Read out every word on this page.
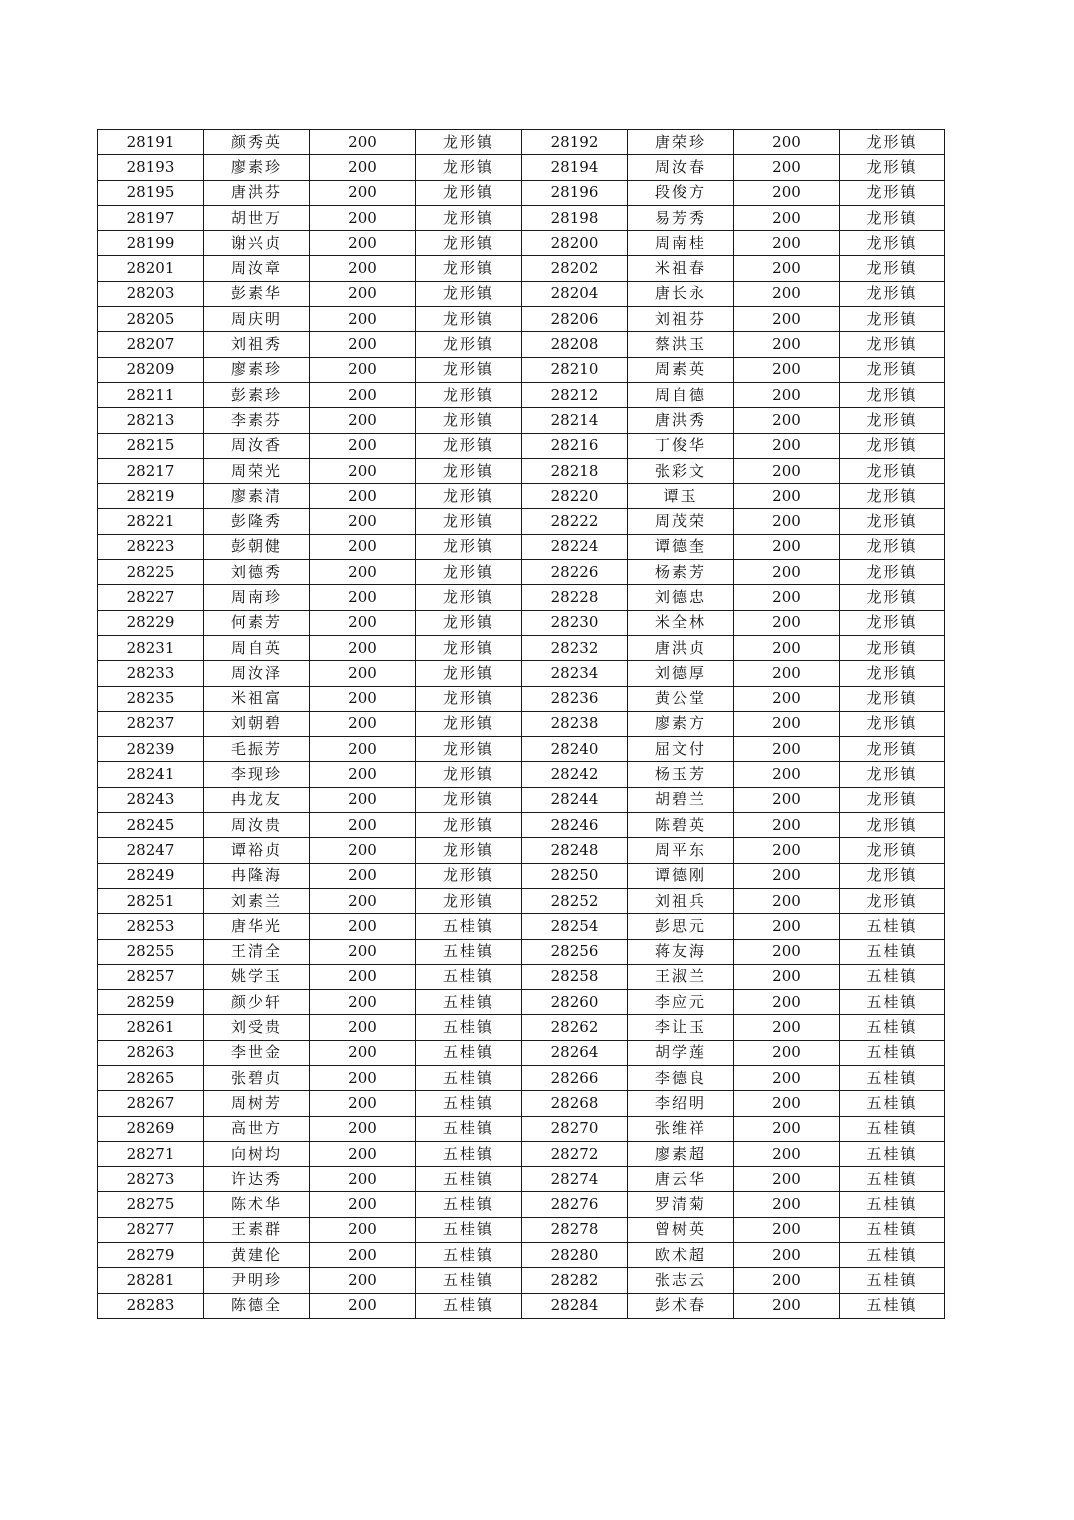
28191	颜秀英	200	龙形镇	28192	唐荣珍	200	龙形镇
28193	廖素珍	200	龙形镇	28194	周汝春	200	龙形镇
28195	唐洪芬	200	龙形镇	28196	段俊方	200	龙形镇
28197	胡世万	200	龙形镇	28198	易芳秀	200	龙形镇
28199	谢兴贞	200	龙形镇	28200	周南桂	200	龙形镇
28201	周汝章	200	龙形镇	28202	米祖春	200	龙形镇
28203	彭素华	200	龙形镇	28204	唐长永	200	龙形镇
28205	周庆明	200	龙形镇	28206	刘祖芬	200	龙形镇
28207	刘祖秀	200	龙形镇	28208	蔡洪玉	200	龙形镇
28209	廖素珍	200	龙形镇	28210	周素英	200	龙形镇
28211	彭素珍	200	龙形镇	28212	周自德	200	龙形镇
28213	李素芬	200	龙形镇	28214	唐洪秀	200	龙形镇
28215	周汝香	200	龙形镇	28216	丁俊华	200	龙形镇
28217	周荣光	200	龙形镇	28218	张彩文	200	龙形镇
28219	廖素清	200	龙形镇	28220	谭玉	200	龙形镇
28221	彭隆秀	200	龙形镇	28222	周茂荣	200	龙形镇
28223	彭朝健	200	龙形镇	28224	谭德奎	200	龙形镇
28225	刘德秀	200	龙形镇	28226	杨素芳	200	龙形镇
28227	周南珍	200	龙形镇	28228	刘德忠	200	龙形镇
28229	何素芳	200	龙形镇	28230	米全林	200	龙形镇
28231	周自英	200	龙形镇	28232	唐洪贞	200	龙形镇
28233	周汝泽	200	龙形镇	28234	刘德厚	200	龙形镇
28235	米祖富	200	龙形镇	28236	黄公堂	200	龙形镇
28237	刘朝碧	200	龙形镇	28238	廖素方	200	龙形镇
28239	毛振芳	200	龙形镇	28240	屈文付	200	龙形镇
28241	李现珍	200	龙形镇	28242	杨玉芳	200	龙形镇
28243	冉龙友	200	龙形镇	28244	胡碧兰	200	龙形镇
28245	周汝贵	200	龙形镇	28246	陈碧英	200	龙形镇
28247	谭裕贞	200	龙形镇	28248	周平东	200	龙形镇
28249	冉隆海	200	龙形镇	28250	谭德刚	200	龙形镇
28251	刘素兰	200	龙形镇	28252	刘祖兵	200	龙形镇
28253	唐华光	200	五桂镇	28254	彭思元	200	五桂镇
28255	王清全	200	五桂镇	28256	蒋友海	200	五桂镇
28257	姚学玉	200	五桂镇	28258	王淑兰	200	五桂镇
28259	颜少轩	200	五桂镇	28260	李应元	200	五桂镇
28261	刘受贵	200	五桂镇	28262	李让玉	200	五桂镇
28263	李世金	200	五桂镇	28264	胡学莲	200	五桂镇
28265	张碧贞	200	五桂镇	28266	李德良	200	五桂镇
28267	周树芳	200	五桂镇	28268	李绍明	200	五桂镇
28269	高世方	200	五桂镇	28270	张维祥	200	五桂镇
28271	向树均	200	五桂镇	28272	廖素超	200	五桂镇
28273	许达秀	200	五桂镇	28274	唐云华	200	五桂镇
28275	陈术华	200	五桂镇	28276	罗清菊	200	五桂镇
28277	王素群	200	五桂镇	28278	曾树英	200	五桂镇
28279	黄建伦	200	五桂镇	28280	欧术超	200	五桂镇
28281	尹明珍	200	五桂镇	28282	张志云	200	五桂镇
28283	陈德全	200	五桂镇	28284	彭术春	200	五桂镇
